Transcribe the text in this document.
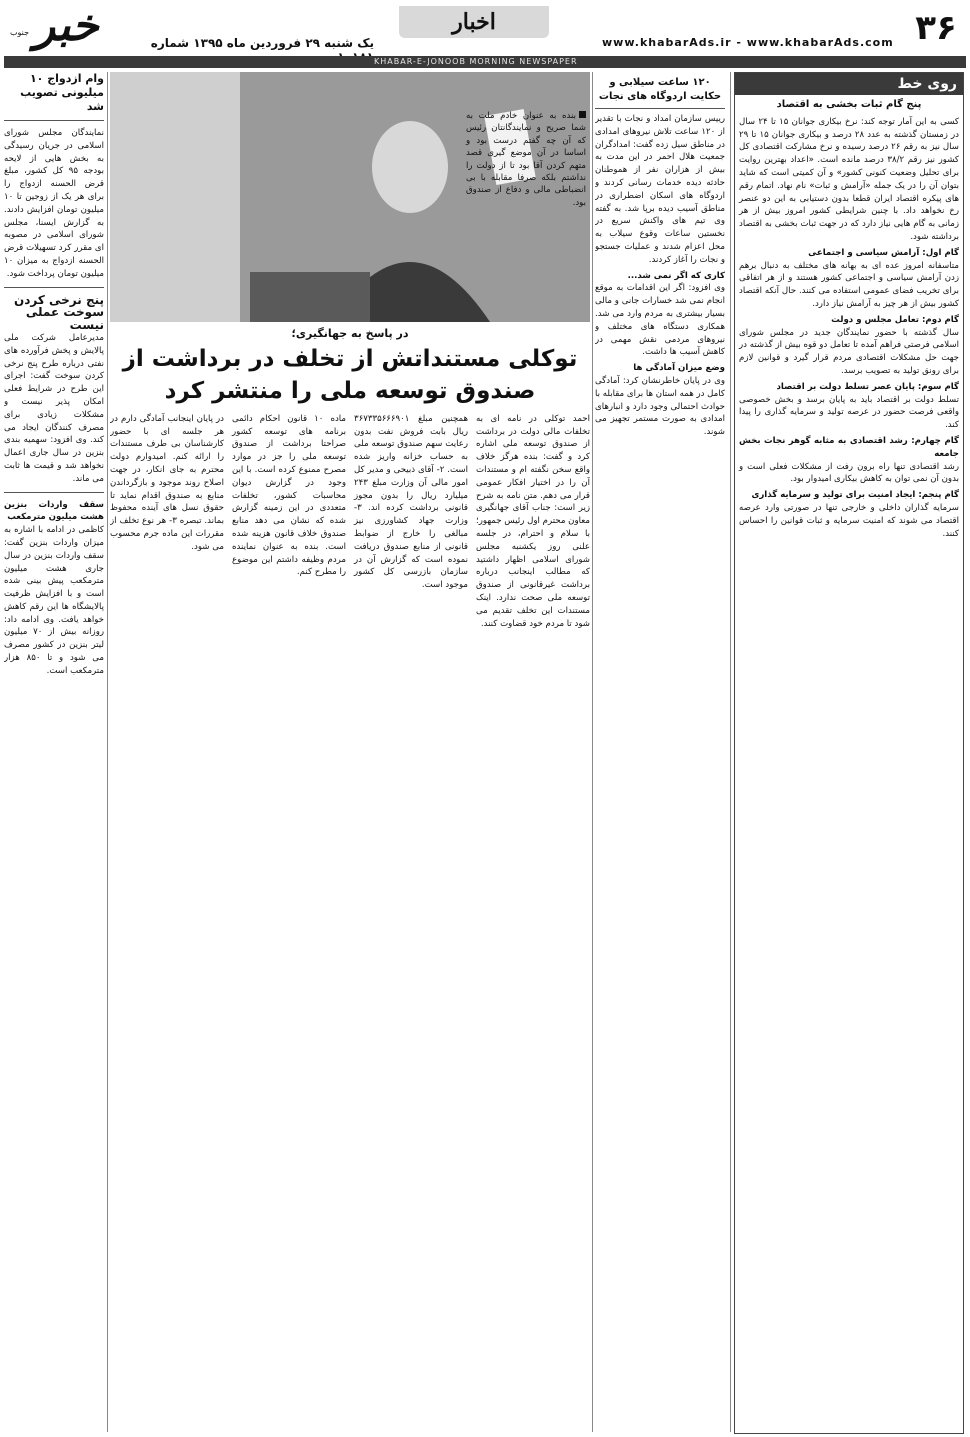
۳۶
www.khabarAds.ir - www.khabarAds.com
اخبار
یک شنبه ۲۹ فروردین ماه ۱۳۹۵ شماره
خبر
جنوب
KHABAR-E-JONOOB MORNING NEWSPAPER
روی خط
پنج گام ثبات بخشی به اقتصاد

کسی به این آمار توجه کند: نرخ بیکاری جوانان ۱۵ تا ۲۴ سال در زمستان گذشته به عدد ۲۸ درصد و بیکاری جوانان ۱۵ تا ۲۹ سال نیز به رقم ۲۶ درصد رسیده و نرخ مشارکت اقتصادی کل کشور نیز رقم ۳۸/۲ درصد مانده است. «اعداد بهترین روایت برای تحلیل وضعیت کنونی کشور» و آن کمیتی است که شاید بتوان آن را در یک جمله «آرامش و ثبات» نام نهاد. اتمام رقم های پیکره اقتصاد ایران قطعا بدون دستیابی به این دو عنصر رخ نخواهد داد. با چنین شرایطی کشور امروز بیش از هر زمانی به گام هایی نیاز دارد که در جهت ثبات بخشی به اقتصاد برداشته شود.

گام اول: آرامش سیاسی و اجتماعی

متاسفانه امروز عده ای به بهانه های مختلف به دنبال برهم زدن آرامش سیاسی و اجتماعی کشور هستند و از هر اتفاقی برای تخریب فضای عمومی استفاده می کنند. حال آنکه اقتصاد کشور بیش از هر چیز به آرامش نیاز دارد.

گام دوم: تعامل مجلس و دولت

سال گذشته با حضور نمایندگان جدید در مجلس شورای اسلامی فرصتی فراهم آمده تا تعامل دو قوه بیش از گذشته در جهت حل مشکلات اقتصادی مردم قرار گیرد و قوانین لازم برای رونق تولید به تصویب برسد.

گام سوم: پایان عصر تسلط دولت بر اقتصاد

تسلط دولت بر اقتصاد باید به پایان برسد و بخش خصوصی واقعی فرصت حضور در عرصه تولید و سرمایه گذاری را پیدا کند.

گام چهارم: رشد اقتصادی به مثابه گوهر نجات بخش جامعه

رشد اقتصادی تنها راه برون رفت از مشکلات فعلی است و بدون آن نمی توان به کاهش بیکاری امیدوار بود.

گام پنجم: ایجاد امنیت برای تولید و سرمایه گذاری

سرمایه گذاران داخلی و خارجی تنها در صورتی وارد عرصه اقتصاد می شوند که امنیت سرمایه و ثبات قوانین را احساس کنند.

۱۲۰ ساعت سیلابی و حکایت اردوگاه های نجات

رییس سازمان امداد و نجات با تقدیر از ۱۲۰ ساعت تلاش نیروهای امدادی در مناطق سیل زده گفت: امدادگران جمعیت هلال احمر در این مدت به بیش از هزاران نفر از هموطنان حادثه دیده خدمات رسانی کردند و اردوگاه های اسکان اضطراری در مناطق آسیب دیده برپا شد. به گفته وی تیم های واکنش سریع در نخستین ساعات وقوع سیلاب به محل اعزام شدند و عملیات جستجو و نجات را آغاز کردند.

کاری که اگر نمی شد...

وی افزود: اگر این اقدامات به موقع انجام نمی شد خسارات جانی و مالی بسیار بیشتری به مردم وارد می شد. همکاری دستگاه های مختلف و نیروهای مردمی نقش مهمی در کاهش آسیب ها داشت.

وضع میزان آمادگی ها

وی در پایان خاطرنشان کرد: آمادگی کامل در همه استان ها برای مقابله با حوادث احتمالی وجود دارد و انبارهای امدادی به صورت مستمر تجهیز می شوند.

بنده به عنوان خادم ملت به شما صریح و نمایندگانتان رئیس که آن چه گفتم درست بود و اساسا در آن موضع گیری قصد متهم کردن آقا بود تا از دولت را نداشتم بلکه صرفا مقابله با بی انضباطی مالی و دفاع از صندوق بود.
در پاسخ به جهانگیری؛
توکلی مستنداتش از تخلف در برداشت از صندوق توسعه ملی را منتشر کرد
احمد توکلی در نامه ای به تخلفات مالی دولت در برداشت از صندوق توسعه ملی اشاره کرد و گفت: بنده هرگز خلاف واقع سخن نگفته ام و مستندات آن را در اختیار افکار عمومی قرار می دهم. متن نامه به شرح زیر است: جناب آقای جهانگیری معاون محترم اول رئیس جمهور؛ با سلام و احترام، در جلسه علنی روز یکشنبه مجلس شورای اسلامی اظهار داشتید که مطالب اینجانب درباره برداشت غیرقانونی از صندوق توسعه ملی صحت ندارد. اینک مستندات این تخلف تقدیم می شود تا مردم خود قضاوت کنند.
همچنین مبلغ ۳۶۷۳۳۵۶۶۶۹۰۱ ریال بابت فروش نفت بدون رعایت سهم صندوق توسعه ملی به حساب خزانه واریز شده است. ۲- آقای ذبیحی و مدیر کل امور مالی آن وزارت مبلغ ۲۴۳ میلیارد ریال را بدون مجوز قانونی برداشت کرده اند. ۳- وزارت جهاد کشاورزی نیز مبالغی را خارج از ضوابط قانونی از منابع صندوق دریافت نموده است که گزارش آن در سازمان بازرسی کل کشور موجود است.
ماده ۱۰ قانون احکام دائمی برنامه های توسعه کشور صراحتا برداشت از صندوق توسعه ملی را جز در موارد مصرح ممنوع کرده است. با این وجود در گزارش دیوان محاسبات کشور، تخلفات متعددی در این زمینه گزارش شده که نشان می دهد منابع صندوق خلاف قانون هزینه شده است. بنده به عنوان نماینده مردم وظیفه داشتم این موضوع را مطرح کنم.
در پایان اینجانب آمادگی دارم در هر جلسه ای با حضور کارشناسان بی طرف مستندات را ارائه کنم. امیدوارم دولت محترم به جای انکار، در جهت اصلاح روند موجود و بازگرداندن منابع به صندوق اقدام نماید تا حقوق نسل های آینده محفوظ بماند. تبصره ۳- هر نوع تخلف از مقررات این ماده جرم محسوب می شود.
وام ازدواج ۱۰ میلیونی تصویب شد

نمایندگان مجلس شورای اسلامی در جریان رسیدگی به بخش هایی از لایحه بودجه ۹۵ کل کشور، مبلغ قرض الحسنه ازدواج را برای هر یک از زوجین تا ۱۰ میلیون تومان افزایش دادند. به گزارش ایسنا، مجلس شورای اسلامی در مصوبه ای مقرر کرد تسهیلات قرض الحسنه ازدواج به میزان ۱۰ میلیون تومان پرداخت شود.

پنج نرخی کردن سوخت عملی نیست

مدیرعامل شرکت ملی پالایش و پخش فرآورده های نفتی درباره طرح پنج نرخی کردن سوخت گفت: اجرای این طرح در شرایط فعلی امکان پذیر نیست و مشکلات زیادی برای مصرف کنندگان ایجاد می کند. وی افزود: سهمیه بندی بنزین در سال جاری اعمال نخواهد شد و قیمت ها ثابت می ماند.

سقف واردات بنزین هشت میلیون مترمکعب

کاظمی در ادامه با اشاره به میزان واردات بنزین گفت: سقف واردات بنزین در سال جاری هشت میلیون مترمکعب پیش بینی شده است و با افزایش ظرفیت پالایشگاه ها این رقم کاهش خواهد یافت. وی ادامه داد: روزانه بیش از ۷۰ میلیون لیتر بنزین در کشور مصرف می شود و تا ۸۵۰ هزار مترمکعب است.
